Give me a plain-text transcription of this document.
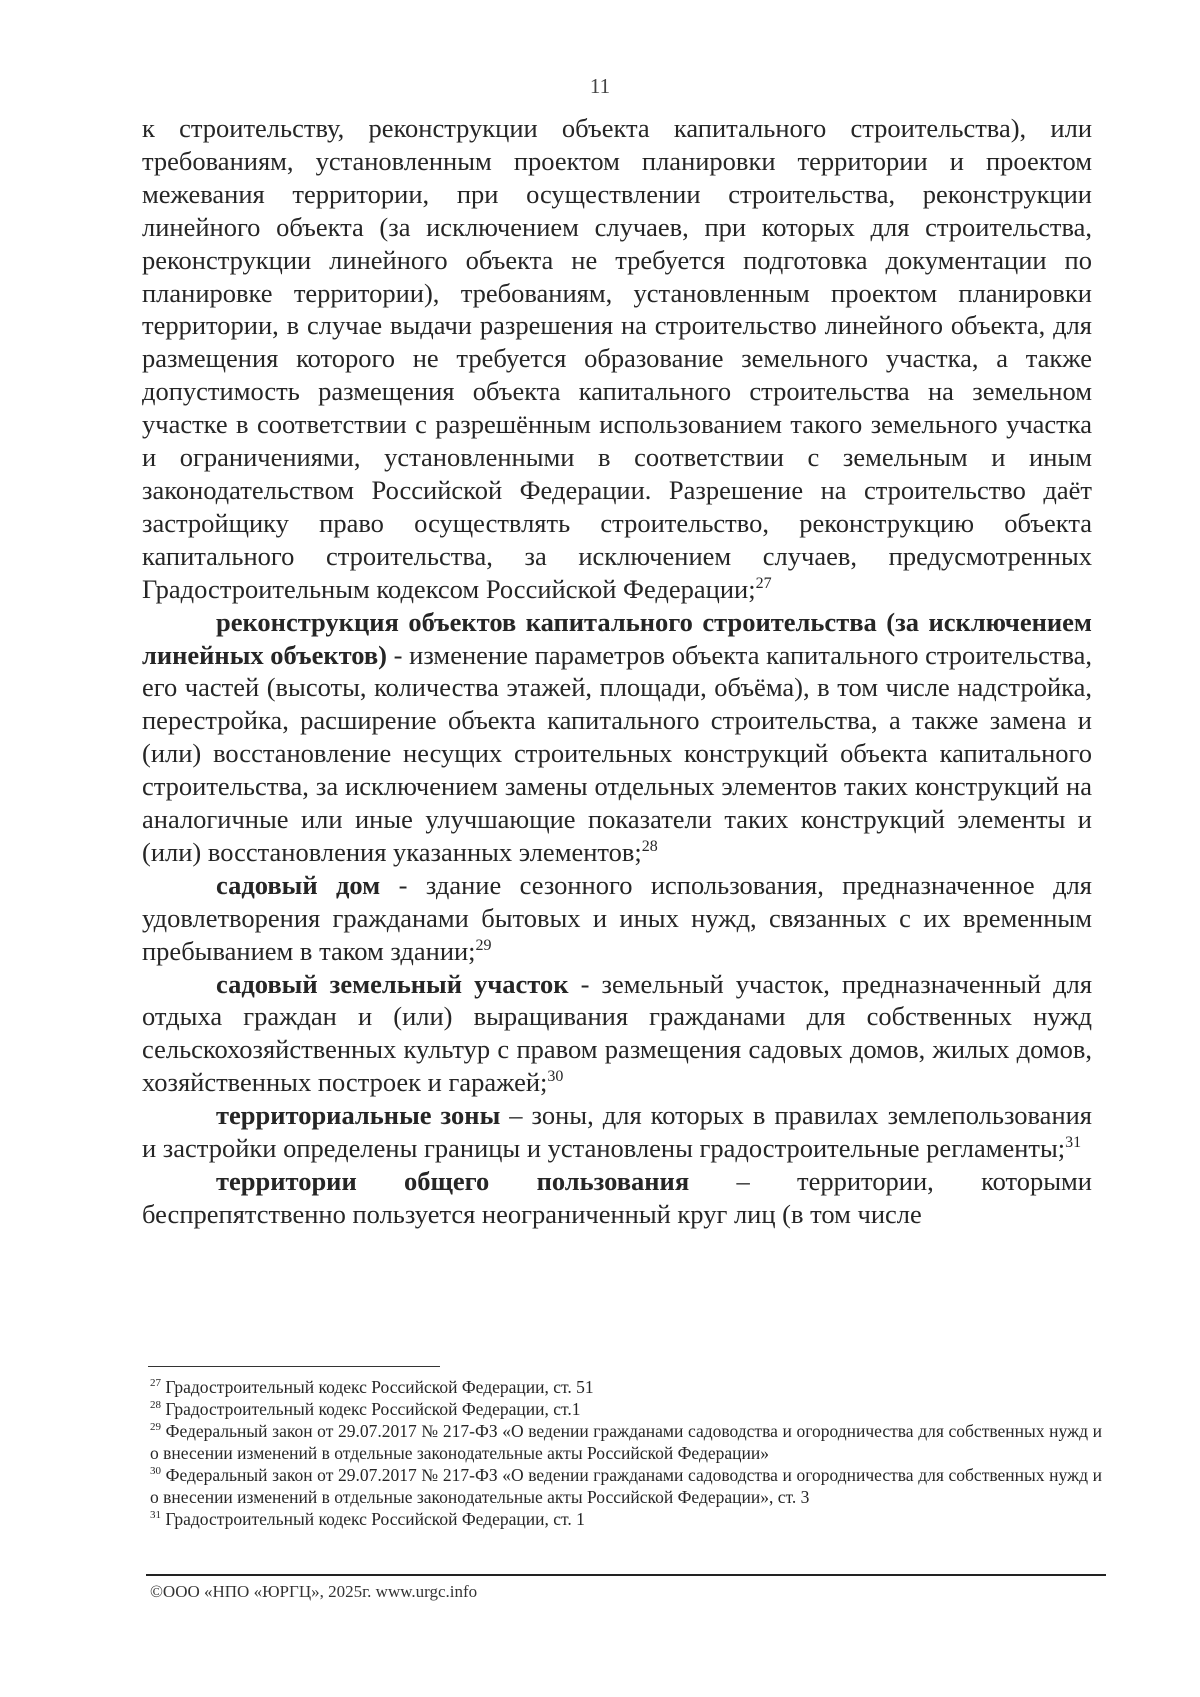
11

к строительству, реконструкции объекта капитального строительства), или требованиям, установленным проектом планировки территории и проектом межевания территории, при осуществлении строительства, реконструкции линейного объекта (за исключением случаев, при которых для строительства, реконструкции линейного объекта не требуется подготовка документации по планировке территории), требованиям, установленным проектом планировки территории, в случае выдачи разрешения на строительство линейного объекта, для размещения которого не требуется образование земельного участка, а также допустимость размещения объекта капитального строительства на земельном участке в соответствии с разрешённым использованием такого земельного участка и ограничениями, установленными в соответствии с земельным и иным законодательством Российской Федерации. Разрешение на строительство даёт застройщику право осуществлять строительство, реконструкцию объекта капитального строительства, за исключением случаев, предусмотренных Градостроительным кодексом Российской Федерации;$^{27}$

реконструкция объектов капитального строительства (за исключением линейных объектов) - изменение параметров объекта капитального строительства, его частей (высоты, количества этажей, площади, объёма), в том числе надстройка, перестройка, расширение объекта капитального строительства, а также замена и (или) восстановление несущих строительных конструкций объекта капитального строительства, за исключением замены отдельных элементов таких конструкций на аналогичные или иные улучшающие показатели таких конструкций элементы и (или) восстановления указанных элементов;$^{28}$

садовый дом - здание сезонного использования, предназначенное для удовлетворения гражданами бытовых и иных нужд, связанных с их временным пребыванием в таком здании;$^{29}$

садовый земельный участок - земельный участок, предназначенный для отдыха граждан и (или) выращивания гражданами для собственных нужд сельскохозяйственных культур с правом размещения садовых домов, жилых домов, хозяйственных построек и гаражей;$^{30}$

территориальные зоны – зоны, для которых в правилах землепользования и застройки определены границы и установлены градостроительные регламенты;$^{31}$

территории общего пользования – территории, которыми беспрепятственно пользуется неограниченный круг лиц (в том числе

$^{27}$ Градостроительный кодекс Российской Федерации, ст. 51

$^{28}$ Градостроительный кодекс Российской Федерации, ст.1

$^{29}$ Федеральный закон от 29.07.2017 № 217-ФЗ «О ведении гражданами садоводства и огородничества для собственных нужд и о внесении изменений в отдельные законодательные акты Российской Федерации»

$^{30}$ Федеральный закон от 29.07.2017 № 217-ФЗ «О ведении гражданами садоводства и огородничества для собственных нужд и о внесении изменений в отдельные законодательные акты Российской Федерации», ст. 3

$^{31}$ Градостроительный кодекс Российской Федерации, ст. 1

©ООО «НПО «ЮРГЦ», 2025г. www.urgc.info
